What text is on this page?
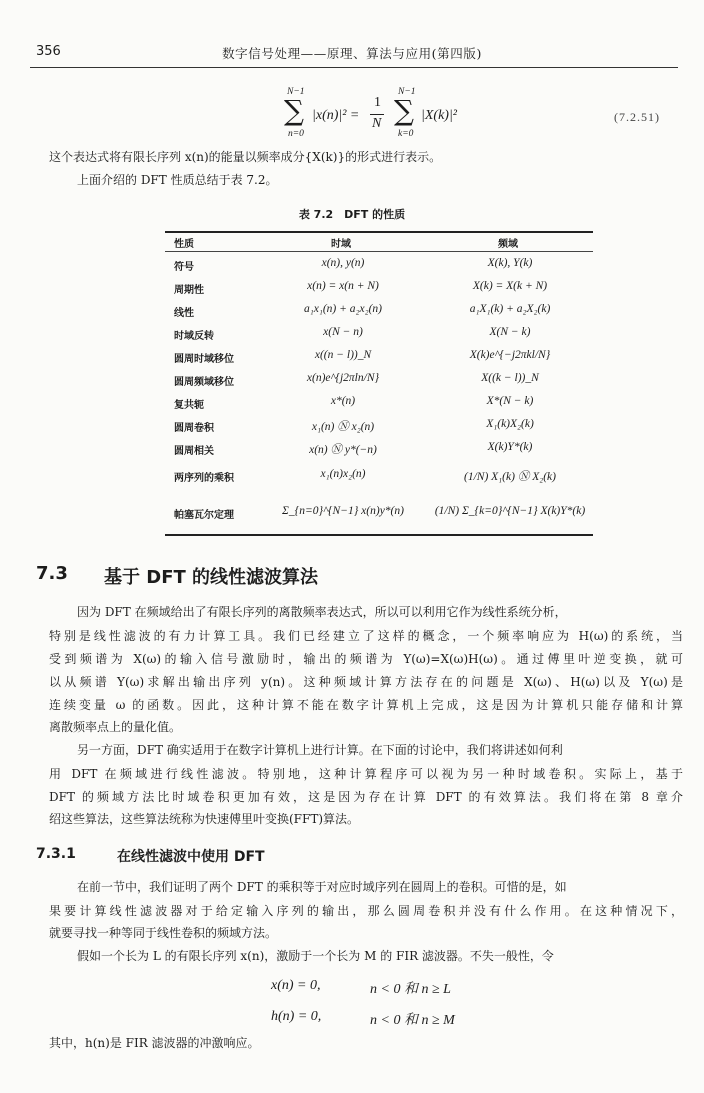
356	数字信号处理——原理、算法与应用(第四版)
N−1
∑
n=0
|x(n)|² =
1
N
N−1
∑
k=0
|X(k)|²	(7.2.51)
这个表达式将有限长序列 x(n)的能量以频率成分{X(k)}的形式进行表示。
上面介绍的 DFT 性质总结于表 7.2。
表 7.2　DFT 的性质
性质	时域	频域
符号	x(n), y(n)	X(k), Y(k)
周期性	x(n) = x(n + N)	X(k) = X(k + N)
线性	a₁x₁(n) + a₂x₂(n)	a₁X₁(k) + a₂X₂(k)
时域反转	x(N − n)	X(N − k)
圆周时域移位	x((n − l))_N	X(k)e^{−j2πkl/N}
圆周频域移位	x(n)e^{j2πln/N}	X((k − l))_N
复共轭	x*(n)	X*(N − k)
圆周卷积	x₁(n) Ⓝ x₂(n)	X₁(k)X₂(k)
圆周相关	x(n) Ⓝ y*(−n)	X(k)Y*(k)
两序列的乘积	x₁(n)x₂(n)	(1/N) X₁(k) Ⓝ X₂(k)
帕塞瓦尔定理	Σ_{n=0}^{N−1} x(n)y*(n)	(1/N) Σ_{k=0}^{N−1} X(k)Y*(k)
7.3 基于 DFT 的线性滤波算法
因为 DFT 在频域给出了有限长序列的离散频率表达式，所以可以利用它作为线性系统分析，
特别是线性滤波的有力计算工具。我们已经建立了这样的概念，一个频率响应为 H(ω)的系统，当
受到频谱为 X(ω)的输入信号激励时，输出的频谱为 Y(ω)=X(ω)H(ω)。通过傅里叶逆变换，就可
以从频谱 Y(ω)求解出输出序列 y(n)。这种频域计算方法存在的问题是 X(ω)、H(ω)以及 Y(ω)是
连续变量 ω 的函数。因此，这种计算不能在数字计算机上完成，这是因为计算机只能存储和计算
离散频率点上的量化值。
另一方面，DFT 确实适用于在数字计算机上进行计算。在下面的讨论中，我们将讲述如何利
用 DFT 在频域进行线性滤波。特别地，这种计算程序可以视为另一种时域卷积。实际上，基于
DFT 的频域方法比时域卷积更加有效，这是因为存在计算 DFT 的有效算法。我们将在第 8 章介
绍这些算法，这些算法统称为快速傅里叶变换(FFT)算法。
7.3.1	在线性滤波中使用 DFT
在前一节中，我们证明了两个 DFT 的乘积等于对应时域序列在圆周上的卷积。可惜的是，如
果要计算线性滤波器对于给定输入序列的输出，那么圆周卷积并没有什么作用。在这种情况下，
就要寻找一种等同于线性卷积的频域方法。
假如一个长为 L 的有限长序列 x(n)，激励于一个长为 M 的 FIR 滤波器。不失一般性，令
x(n) = 0,	n < 0 和 n ≥ L
h(n) = 0,	n < 0 和 n ≥ M
其中，h(n)是 FIR 滤波器的冲激响应。
